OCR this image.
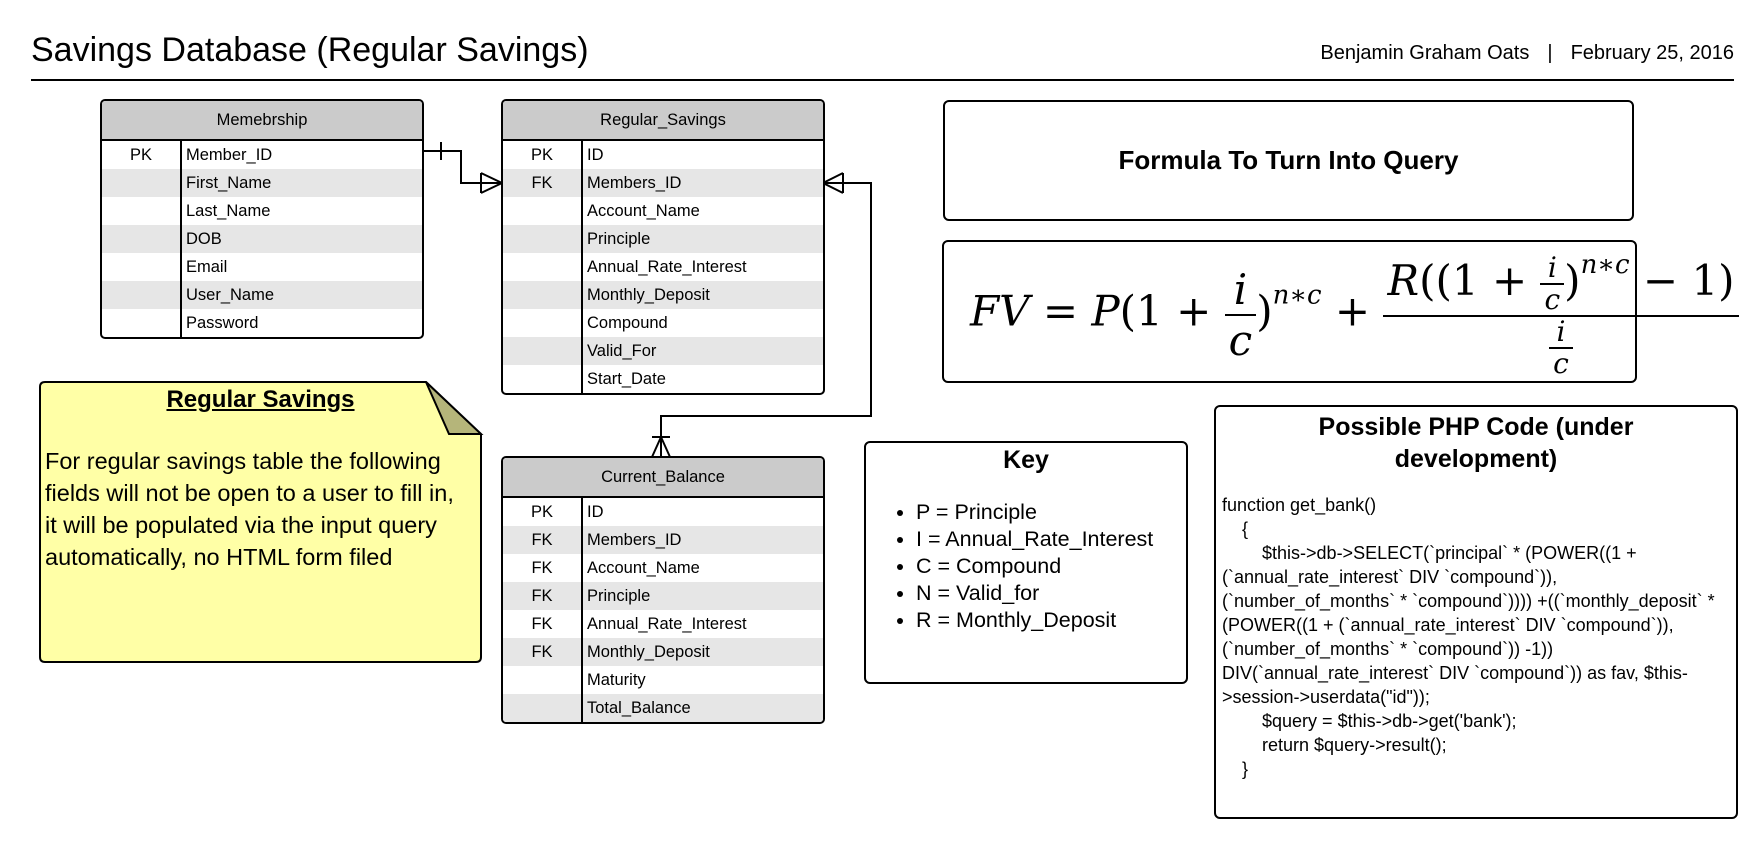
Savings Database (Regular Savings)	Benjamin Graham Oats | February 25, 2016
Memebrship
PK	Member_ID
First_Name
Last_Name
DOB
Email
User_Name
Password
Regular_Savings
PK	ID
FK	Members_ID
Account_Name
Principle
Annual_Rate_Interest
Monthly_Deposit
Compound
Valid_For
Start_Date
Current_Balance
PK	ID
FK	Members_ID
FK	Account_Name
FK	Principle
FK	Annual_Rate_Interest
FK	Monthly_Deposit
Maturity
Total_Balance
Regular Savings
For regular savings table the following fields will not be open to a user to fill in, it will be populated via the input query automatically, no HTML form filed
Formula To Turn Into Query
FV = $P(1 + \frac{i}{c} )^{n∗c} + \frac{R((1 + \frac{i}{c} )^{n∗c} - 1)}{\frac{i}{c}}$
Key
• P = Principle
• I = Annual_Rate_Interest
• C = Compound
• N = Valid_for
• R = Monthly_Deposit
Possible PHP Code (under development)
function get_bank()
{
$this->db->SELECT(`principal` * (POWER((1 + (`annual_rate_interest` DIV `compound`)),(`number_of_months` * `compound`)))) +((`monthly_deposit` * (POWER((1 + (`annual_rate_interest` DIV `compound`)),(`number_of_months` * `compound`)) -1)) DIV(`annual_rate_interest` DIV `compound`)) as fav, $this->session->userdata("id"));
$query = $this->db->get('bank');
return $query->result();
}
